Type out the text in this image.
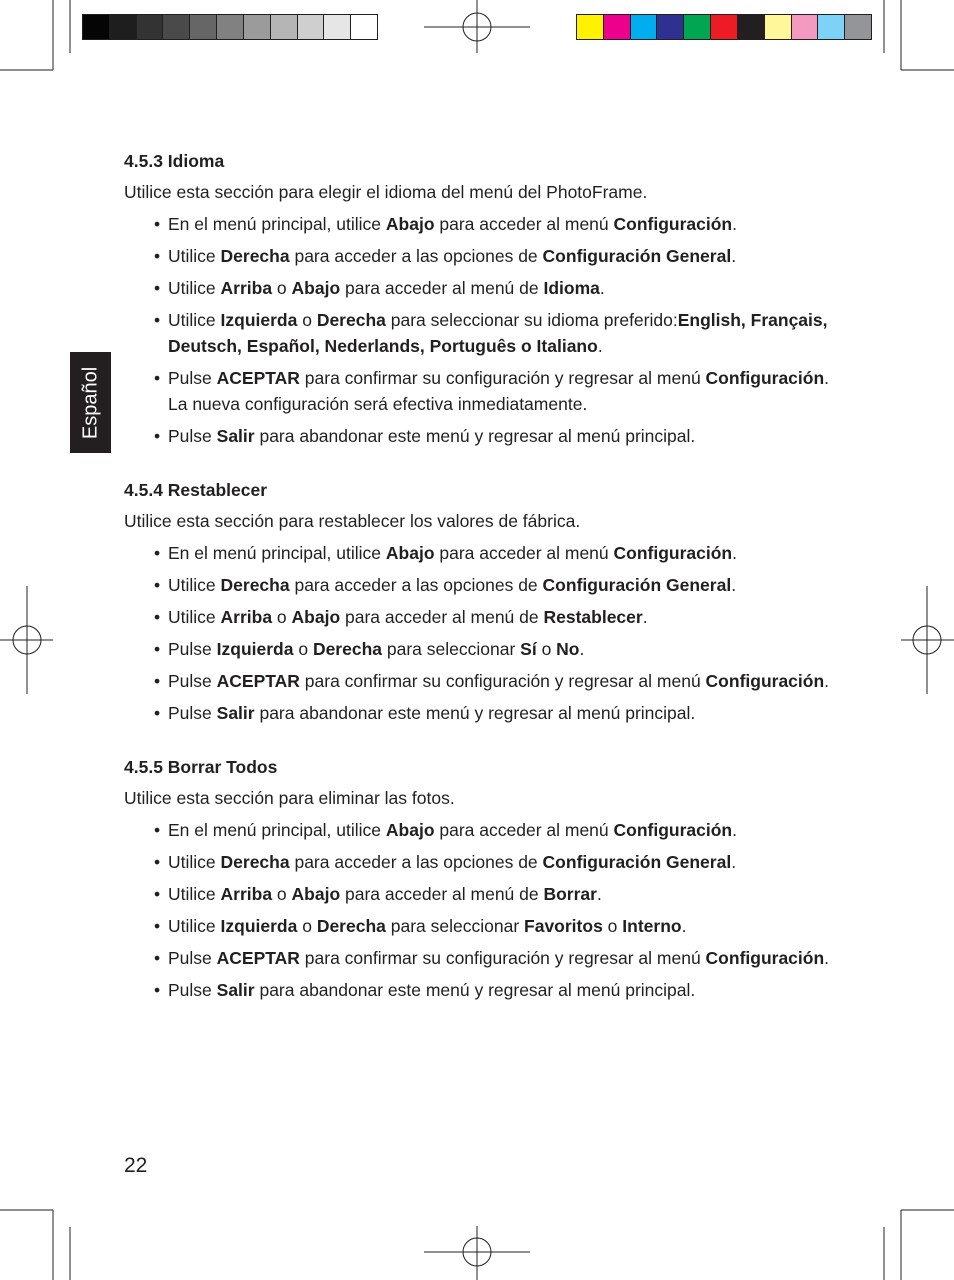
Español
4.5.3 Idioma

Utilice esta sección para elegir el idioma del menú del PhotoFrame.

• En el menú principal, utilice Abajo para acceder al menú Configuración.
• Utilice Derecha para acceder a las opciones de Configuración General.
• Utilice Arriba o Abajo para acceder al menú de Idioma.
• Utilice Izquierda o Derecha para seleccionar su idioma preferido:English, Français, Deutsch, Español, Nederlands, Português o Italiano.
• Pulse ACEPTAR para confirmar su configuración y regresar al menú Configuración. La nueva configuración será efectiva inmediatamente.
• Pulse Salir para abandonar este menú y regresar al menú principal.
4.5.4 Restablecer

Utilice esta sección para restablecer los valores de fábrica.

• En el menú principal, utilice Abajo para acceder al menú Configuración.
• Utilice Derecha para acceder a las opciones de Configuración General.
• Utilice Arriba o Abajo para acceder al menú de Restablecer.
• Pulse Izquierda o Derecha para seleccionar Sí o No.
• Pulse ACEPTAR para confirmar su configuración y regresar al menú Configuración.
• Pulse Salir para abandonar este menú y regresar al menú principal.
4.5.5 Borrar Todos

Utilice esta sección para eliminar las fotos.

• En el menú principal, utilice Abajo para acceder al menú Configuración.
• Utilice Derecha para acceder a las opciones de Configuración General.
• Utilice Arriba o Abajo para acceder al menú de Borrar.
• Utilice Izquierda o Derecha para seleccionar Favoritos o Interno.
• Pulse ACEPTAR para confirmar su configuración y regresar al menú Configuración.
• Pulse Salir para abandonar este menú y regresar al menú principal.
22
